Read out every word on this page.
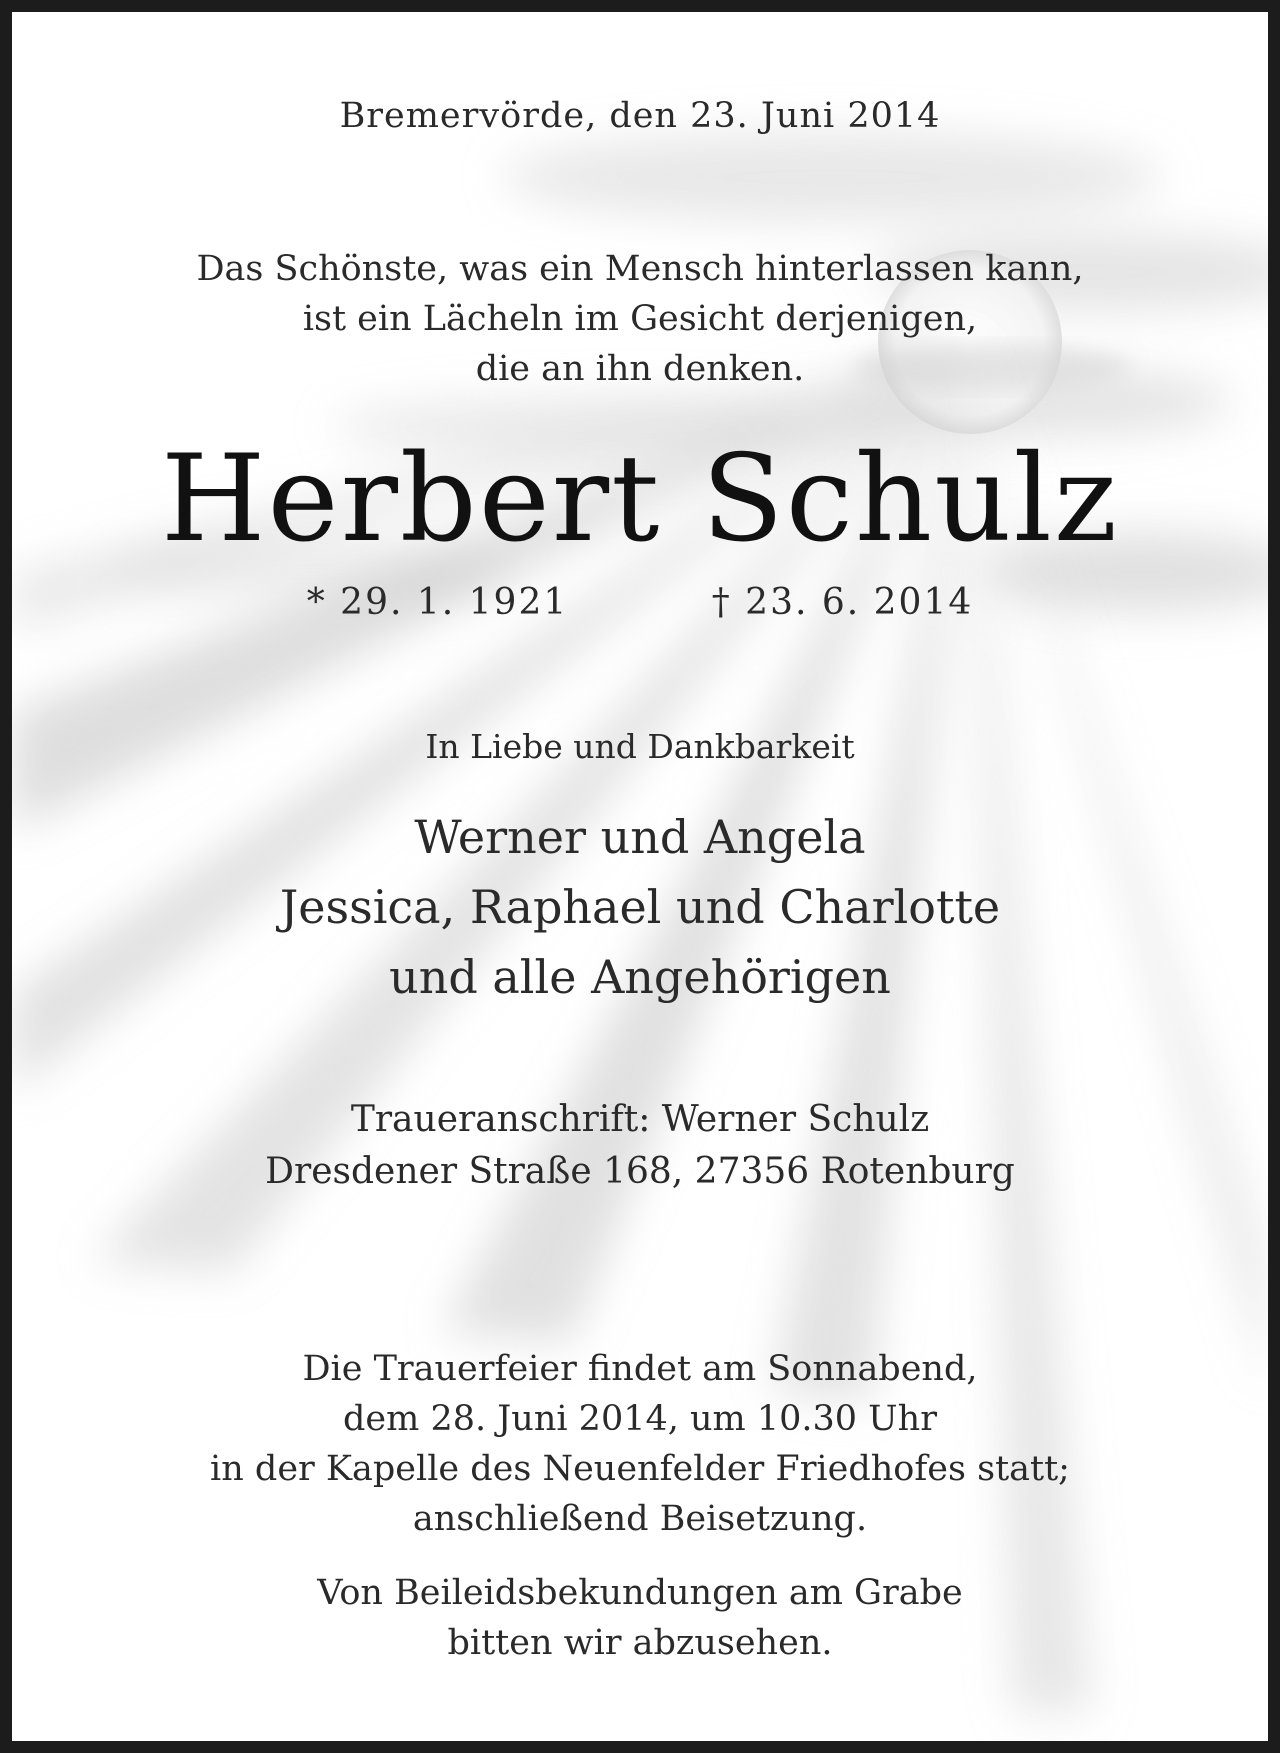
Bremervörde, den 23. Juni 2014
Das Schönste, was ein Mensch hinterlassen kann,
ist ein Lächeln im Gesicht derjenigen,
die an ihn denken.
Herbert Schulz
* 29. 1. 1921	† 23. 6. 2014
In Liebe und Dankbarkeit
Werner und Angela
Jessica, Raphael und Charlotte
und alle Angehörigen
Traueranschrift: Werner Schulz
Dresdener Straße 168, 27356 Rotenburg
Die Trauerfeier findet am Sonnabend,
dem 28. Juni 2014, um 10.30 Uhr
in der Kapelle des Neuenfelder Friedhofes statt;
anschließend Beisetzung.
Von Beileidsbekundungen am Grabe
bitten wir abzusehen.
